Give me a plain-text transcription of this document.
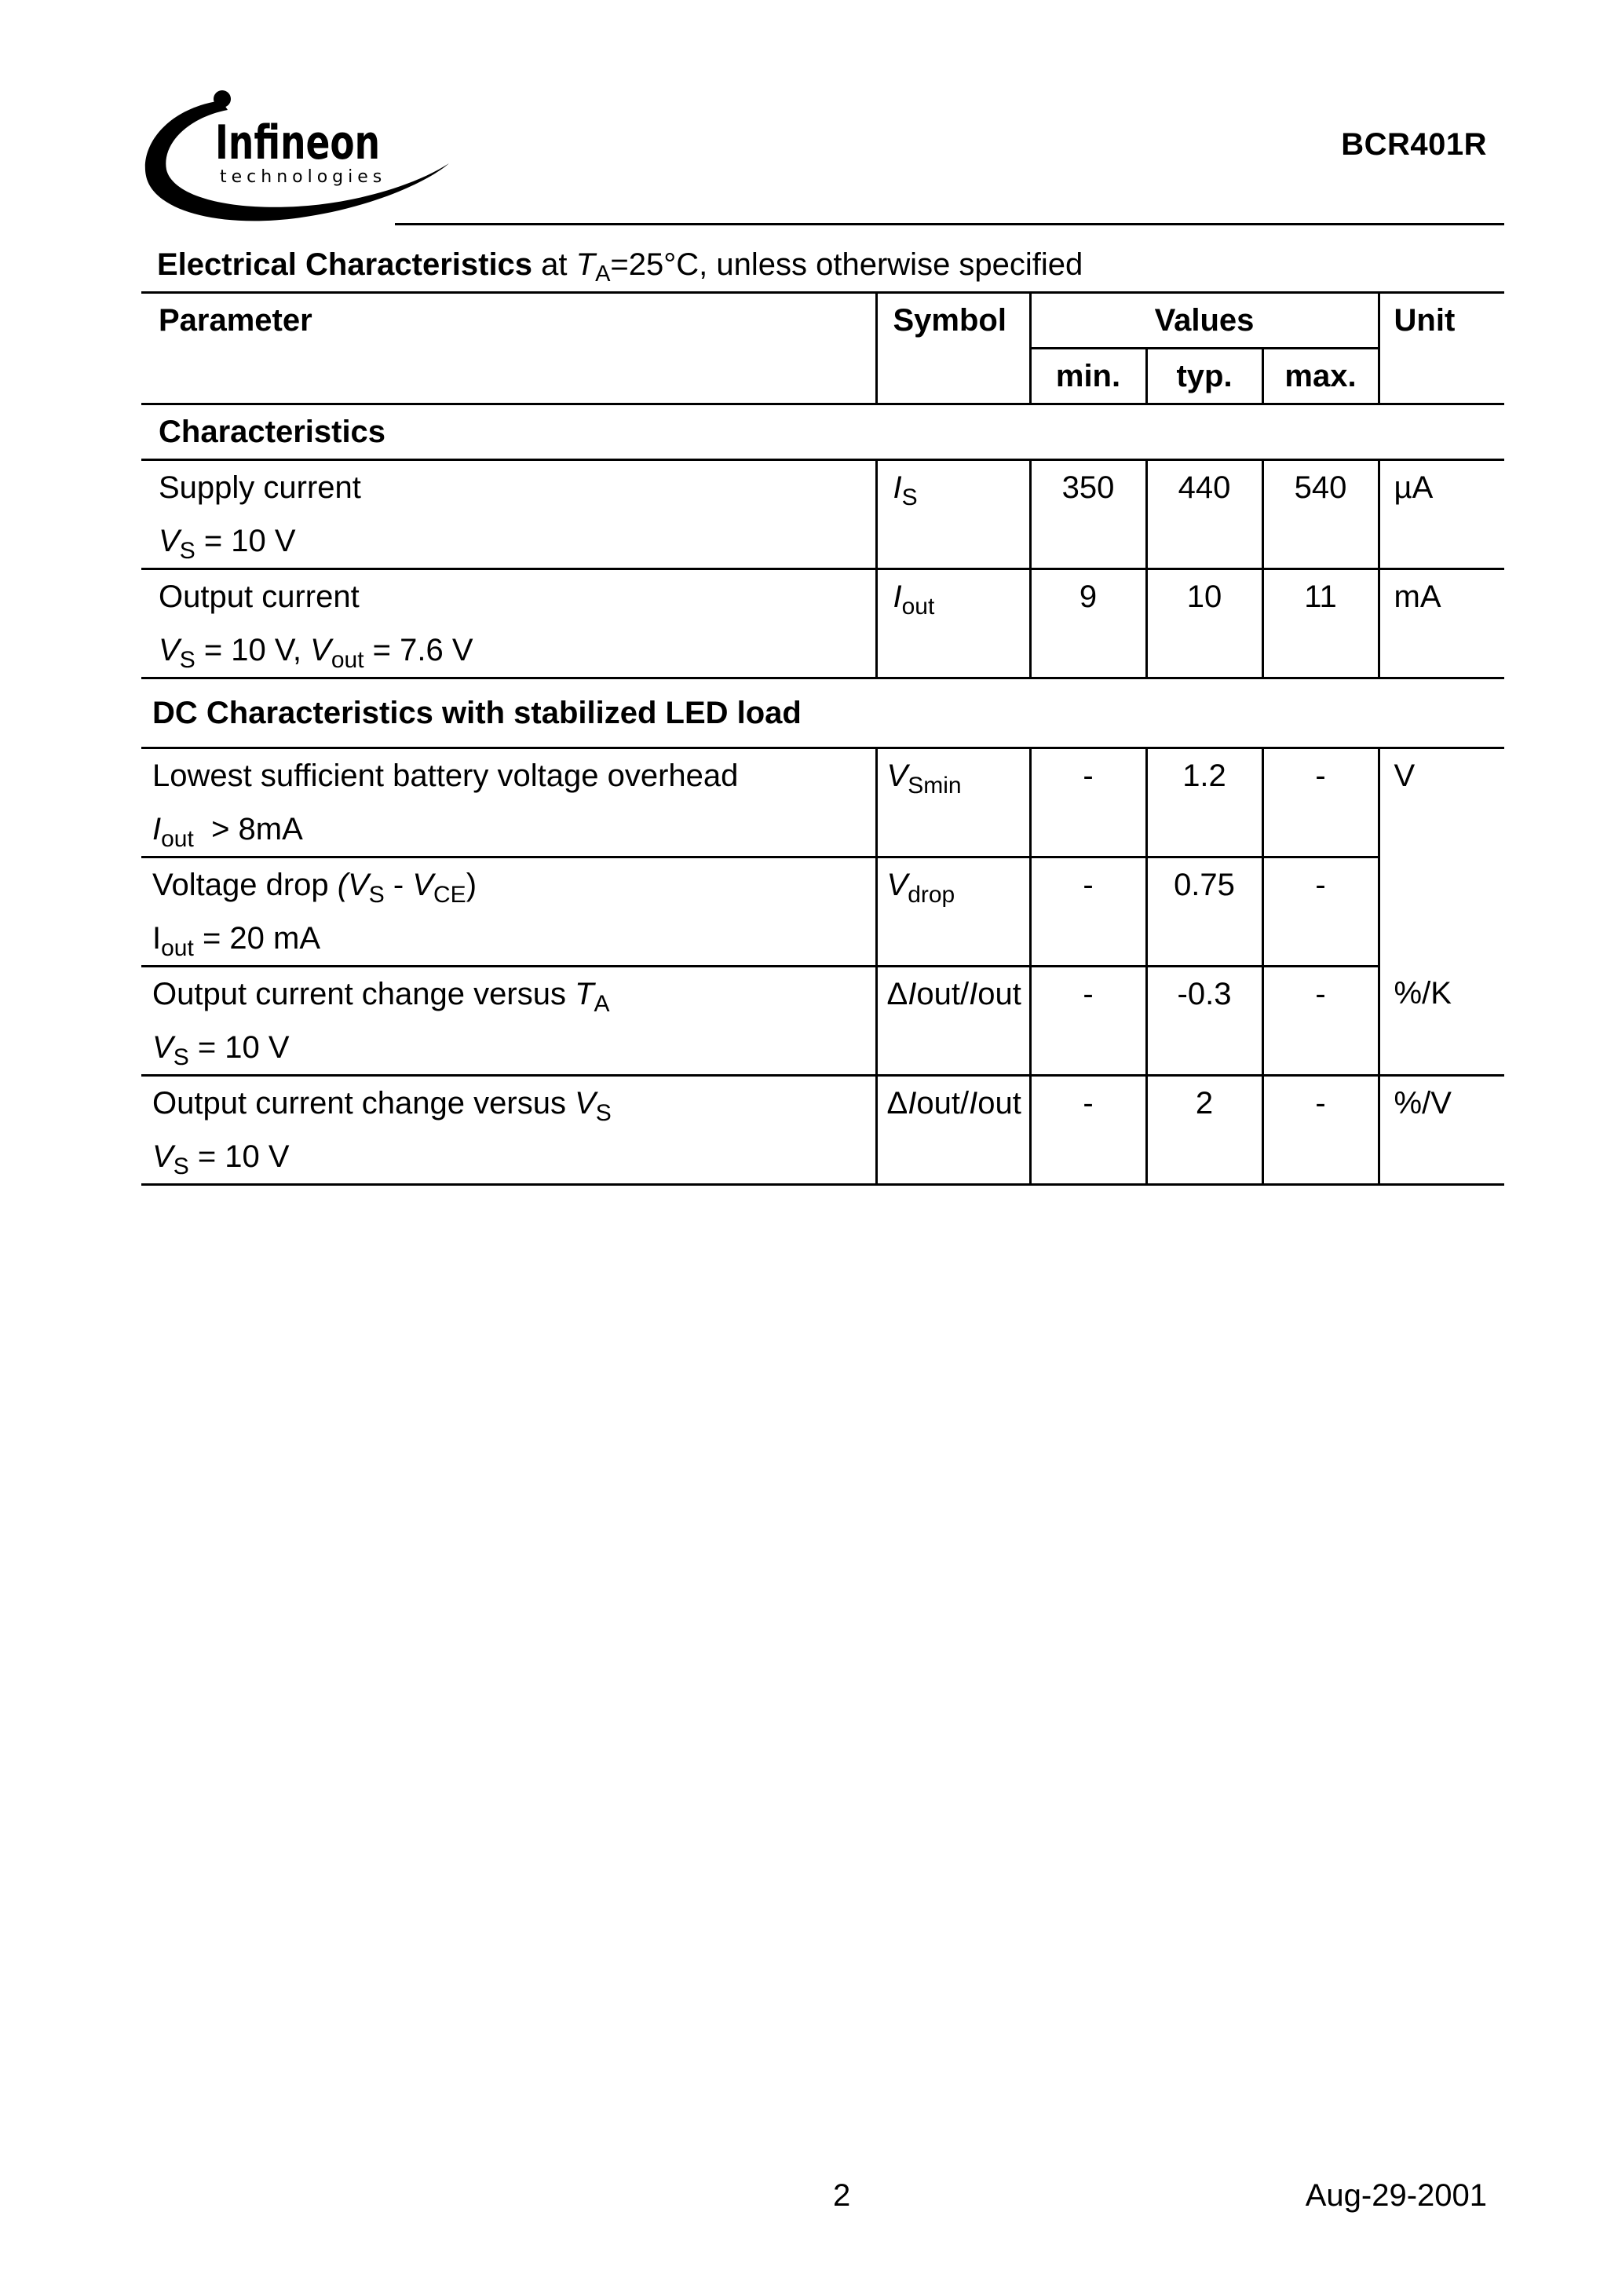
Infineon
technologies
BCR401R
Electrical Characteristics at $T_A=25^\circ C$, unless otherwise specified
Parameter	Symbol	Values			Unit
		min.	typ.	max.	
Characteristics					

Supply current
$V_S = 10$ V	$I_S$	350	440	540	µA

Output current
$V_S = 10$ V, $V_{out} = 7.6$ V	$I_{out}$	9	10	11	mA
DC Characteristics with stabilized LED load					

Lowest sufficient battery voltage overhead
$I_{out} > 8mA$	$V_{Smin}$	-	1.2	-	V

Voltage drop $(V_S - V_{CE})$
$I_{out} = 20$ mA	$V_{drop}$	-	0.75	-	

Output current change versus $T_A$
$V_S = 10$ V	ΔIout/Iout	-	-0.3	-	%/K

Output current change versus $V_S$
$V_S = 10$ V	ΔIout/Iout	-	2	-	%/V
2	Aug-29-2001
